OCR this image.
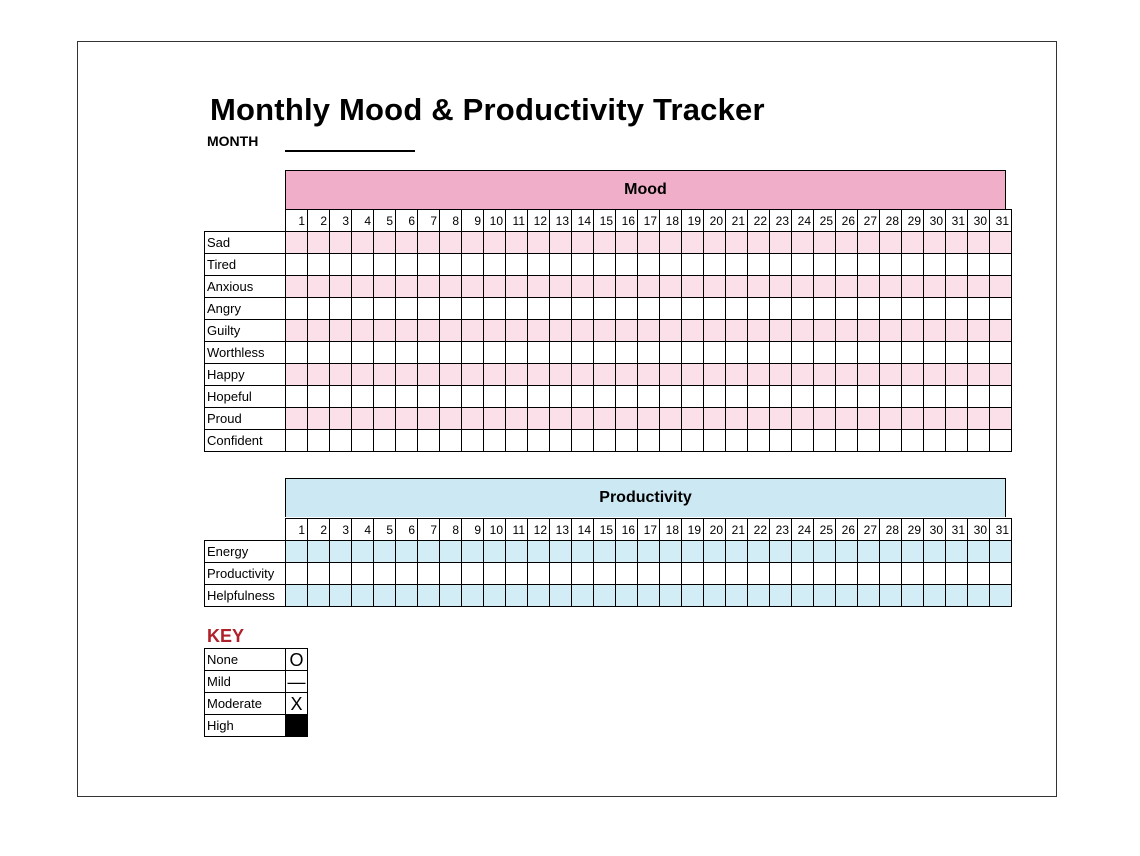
Monthly Mood & Productivity Tracker
MONTH
Mood
	1	2	3	4	5	6	7	8	9	10	11	12	13	14	15	16	17	18	19	20	21	22	23	24	25	26	27	28	29	30	31	30	31
Sad																																	
Tired																																	
Anxious																																	
Angry																																	
Guilty																																	
Worthless																																	
Happy																																	
Hopeful																																	
Proud																																	
Confident																																	
Productivity
	1	2	3	4	5	6	7	8	9	10	11	12	13	14	15	16	17	18	19	20	21	22	23	24	25	26	27	28	29	30	31	30	31
Energy																																	
Productivity																																	
Helpfulness																																	
KEY
None	O
Mild	—
Moderate	X
High	
